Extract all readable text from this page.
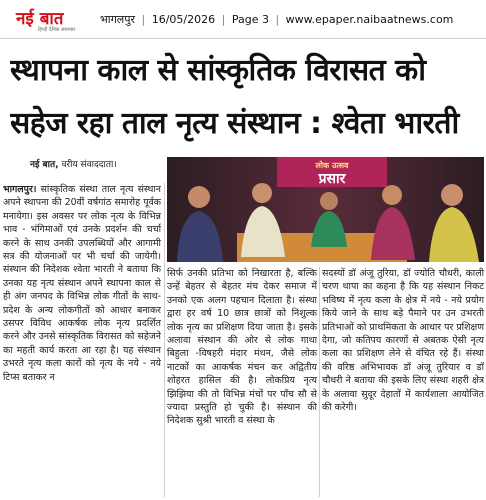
नई बात
हिन्दी दैनिक समाचार
भागलपुर | 16/05/2026 | Page 3 | www.epaper.naibaatnews.com
स्थापना काल से सांस्कृतिक विरासत को
सहेज रहा ताल नृत्य संस्थान : श्वेता भारती
नई बात, वरीय संवाददाता।	लोक उत्सव
प्रसार

भागलपुर। सांस्कृतिक संस्था ताल नृत्य संस्थान अपने स्थापना की 20वीं वर्षगांठ समारोह पूर्वक मनायेगा। इस अवसर पर लोक नृत्य के विभिन्न भाव - भंगिमाओं एवं उनके प्रदर्शन की चर्चा करने के साथ उनकी उपलब्धियों और आगामी सत्र की योजनाओं पर भी चर्चा की जायेगी। संस्थान की निदेशक श्वेता भारती ने बताया कि उनका यह नृत्य संस्थान अपने स्थापना काल से ही अंग जनपद के विभिन्न लोक गीतों के साथ- प्रदेश के अन्य लोकगीतों को आधार बनाकर उसपर विविध आकर्षक लोक नृत्य प्रदर्शित करने और उनसे सांस्कृतिक विरासत को सहेजने का महती कार्य करता आ रहा है। यह संस्थान उभरते नृत्य कला कारों को नृत्य के नये - नये टिप्स बताकर न

सिर्फ उनकी प्रतिभा को निखारता है, बल्कि उन्हें बेहतर से बेहतर मंच देकर समाज में उनको एक अलग पहचान दिलाता है। संस्था द्वारा हर वर्ष 10 छात्र छात्रों को निशुल्क लोक नृत्य का प्रशिक्षण दिया जाता है। इसके अलावा संस्थान की ओर से लोक गाथा बिहुला -विषहरी मंदार मंथन, जैसे लोक नाटकों का आकर्षक मंचन कर अद्वितीय शोहरत हासिल की है। लोकप्रिय नृत्य झिझिया की तो विभिन्न मंचों पर पाँच सौ से ज्यादा प्रस्तुति हो चुकी है। संस्थान की निदेशक सुश्री भारती व संस्था के

सदस्यों डॉ अंजू तुरिया, डॉ ज्योति चौधरी, काली चरण थापा का कहना है कि यह संस्थान निकट भविष्य में नृत्य कला के क्षेत्र में नये - नये प्रयोग किये जाने के साथ बड़े पैमाने पर उन उभरती प्रतिभाओं को प्राथमिकता के आधार पर प्रशिक्षण देगा, जो कतिपय कारणों से अबतक ऐसी नृत्य कला का प्रशिक्षण लेने से वंचित रहे हैं। संस्था की वरिष्ठ अभिभावक डॉ अंजू तुरियार व डॉ चौधरी ने बताया की इसके लिए संस्था शहरी क्षेत्र के अलावा सुदूर देहातों में कार्यशाला आयोजित की करेगी।
